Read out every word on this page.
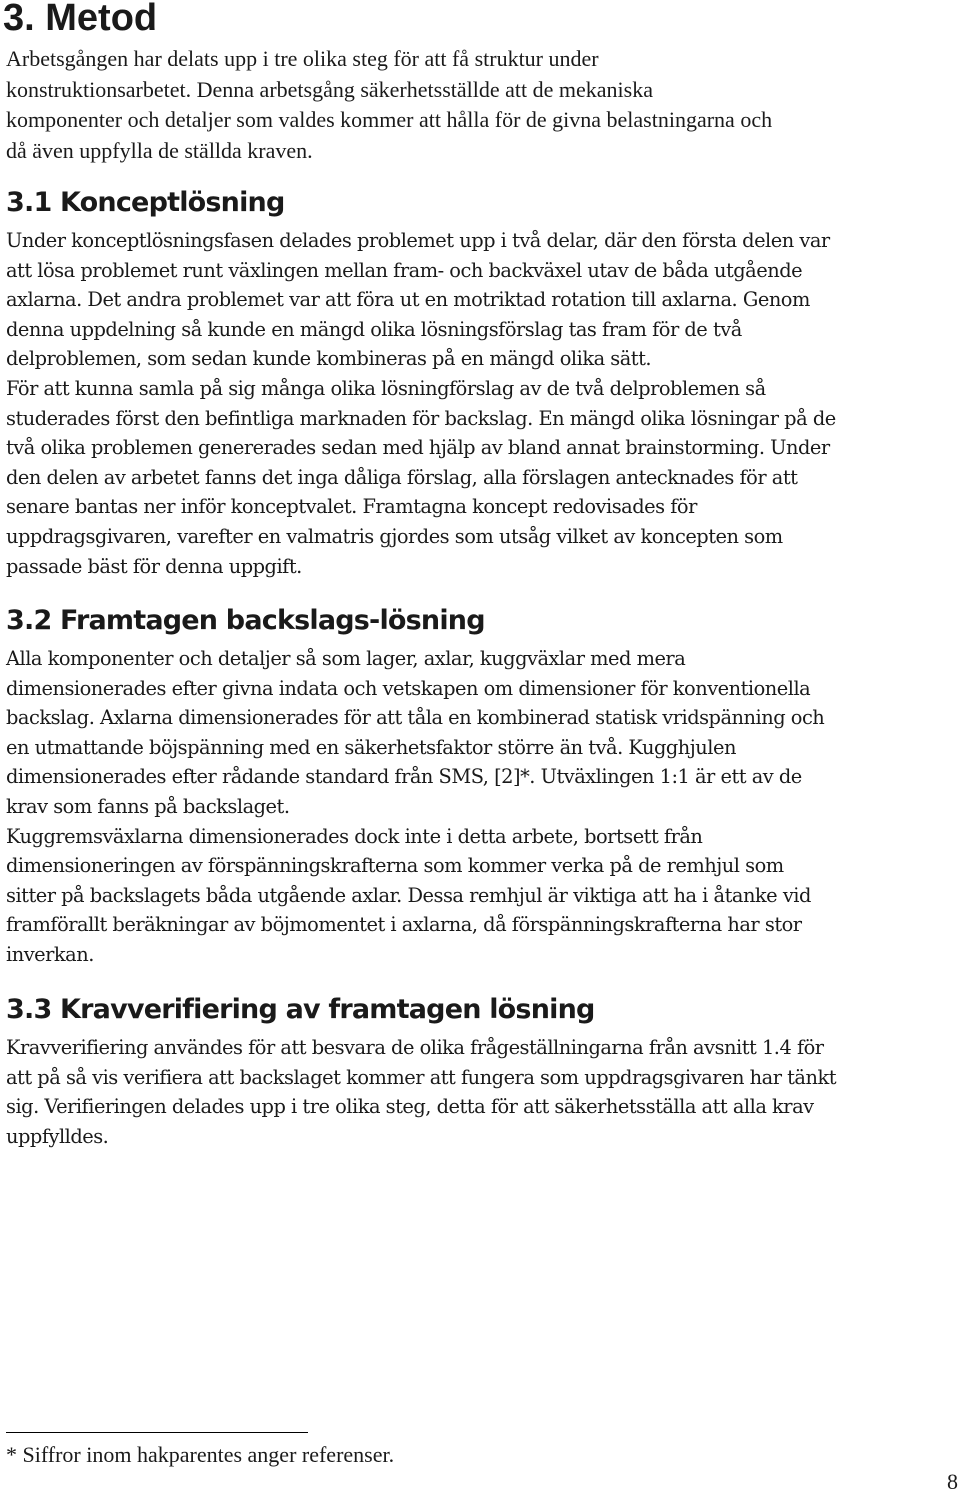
3. Metod
Arbetsgången har delats upp i tre olika steg för att få struktur under
konstruktionsarbetet. Denna arbetsgång säkerhetsställde att de mekaniska
komponenter och detaljer som valdes kommer att hålla för de givna belastningarna och
då även uppfylla de ställda kraven.
3.1 Konceptlösning
Under konceptlösningsfasen delades problemet upp i två delar, där den första delen var
att lösa problemet runt växlingen mellan fram- och backväxel utav de båda utgående
axlarna. Det andra problemet var att föra ut en motriktad rotation till axlarna. Genom
denna uppdelning så kunde en mängd olika lösningsförslag tas fram för de två
delproblemen, som sedan kunde kombineras på en mängd olika sätt.
För att kunna samla på sig många olika lösningförslag av de två delproblemen så
studerades först den befintliga marknaden för backslag. En mängd olika lösningar på de
två olika problemen genererades sedan med hjälp av bland annat brainstorming. Under
den delen av arbetet fanns det inga dåliga förslag, alla förslagen antecknades för att
senare bantas ner inför konceptvalet. Framtagna koncept redovisades för
uppdragsgivaren, varefter en valmatris gjordes som utsåg vilket av koncepten som
passade bäst för denna uppgift.
3.2 Framtagen backslags-lösning
Alla komponenter och detaljer så som lager, axlar, kuggväxlar med mera
dimensionerades efter givna indata och vetskapen om dimensioner för konventionella
backslag. Axlarna dimensionerades för att tåla en kombinerad statisk vridspänning och
en utmattande böjspänning med en säkerhetsfaktor större än två. Kugghjulen
dimensionerades efter rådande standard från SMS, [2]*. Utväxlingen 1:1 är ett av de
krav som fanns på backslaget.
Kuggremsväxlarna dimensionerades dock inte i detta arbete, bortsett från
dimensioneringen av förspänningskrafterna som kommer verka på de remhjul som
sitter på backslagets båda utgående axlar. Dessa remhjul är viktiga att ha i åtanke vid
framförallt beräkningar av böjmomentet i axlarna, då förspänningskrafterna har stor
inverkan.
3.3 Kravverifiering av framtagen lösning
Kravverifiering användes för att besvara de olika frågeställningarna från avsnitt 1.4 för
att på så vis verifiera att backslaget kommer att fungera som uppdragsgivaren har tänkt
sig. Verifieringen delades upp i tre olika steg, detta för att säkerhetsställa att alla krav
uppfylldes.
* Siffror inom hakparentes anger referenser.
8
